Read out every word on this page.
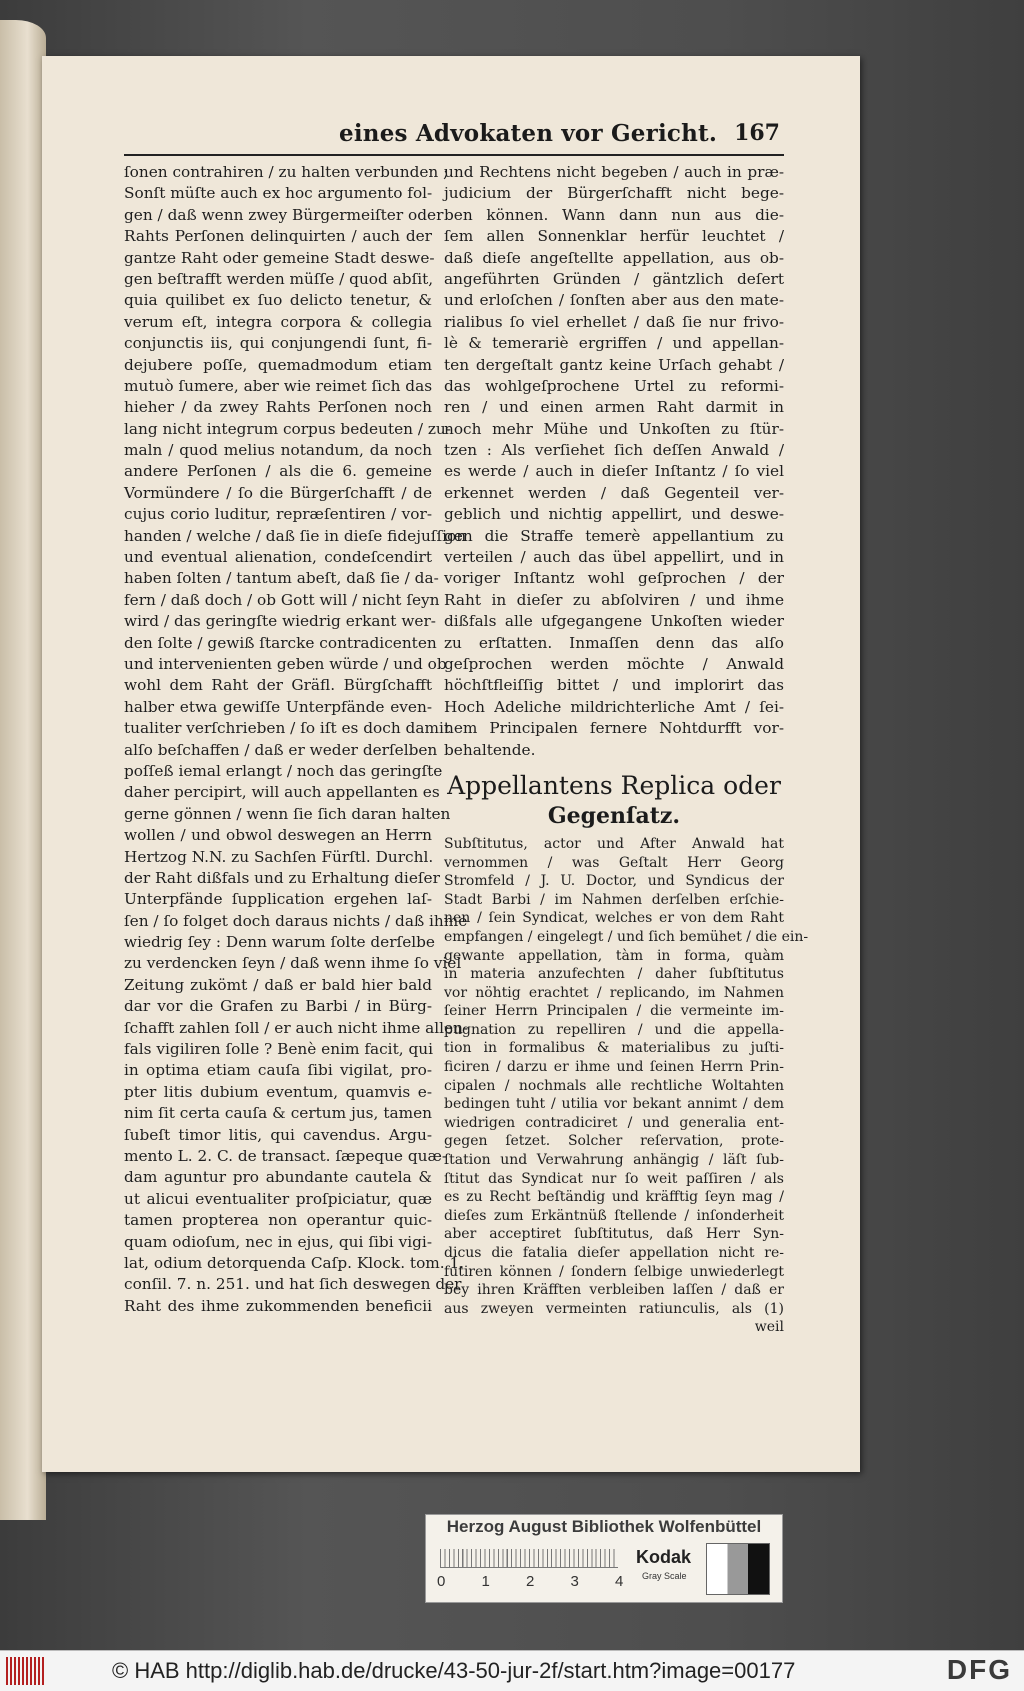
eines Advokaten vor Gericht. 167
ſonen contrahiren / zu halten verbunden ;
Sonſt müſte auch ex hoc argumento fol-
gen / daß wenn zwey Bürgermeiſter oder
Rahts Perſonen delinquirten / auch der
gantze Raht oder gemeine Stadt deswe-
gen beſtrafft werden müſſe / quod abſit,
quia quilibet ex ſuo delicto tenetur, &
verum eſt, integra corpora & collegia
conjunctis iis, qui conjungendi ſunt, fi-
dejubere poſſe, quemadmodum etiam
mutuò ſumere, aber wie reimet ſich das
hieher / da zwey Rahts Perſonen noch
lang nicht integrum corpus bedeuten / zu-
maln / quod melius notandum, da noch
andere Perſonen / als die 6. gemeine
Vormündere / ſo die Bürgerſchafft / de
cujus corio luditur, repræſentiren / vor-
handen / welche / daß ſie in dieſe fidejuſſion
und eventual alienation, condeſcendirt
haben ſolten / tantum abeſt, daß ſie / da-
fern / daß doch / ob Gott will / nicht ſeyn
wird / das geringſte wiedrig erkant wer-
den ſolte / gewiß ſtarcke contradicenten
und intervenienten geben würde / und ob
wohl dem Raht der Gräfl. Bürgſchafft
halber etwa gewiſſe Unterpfände even-
tualiter verſchrieben / ſo iſt es doch damit
alſo beſchaffen / daß er weder derſelben
poſſeß iemal erlangt / noch das geringſte
daher percipirt, will auch appellanten es
gerne gönnen / wenn ſie ſich daran halten
wollen / und obwol deswegen an Herrn
Hertzog N.N. zu Sachſen Fürſtl. Durchl.
der Raht dißfals und zu Erhaltung dieſer
Unterpfände ſupplication ergehen laſ-
ſen / ſo folget doch daraus nichts / daß ihme
wiedrig ſey : Denn warum ſolte derſelbe
zu verdencken ſeyn / daß wenn ihme ſo viel
Zeitung zukömt / daß er bald hier bald
dar vor die Grafen zu Barbi / in Bürg-
ſchafft zahlen ſoll / er auch nicht ihme allen-
fals vigiliren ſolle ? Benè enim facit, qui
in optima etiam cauſa ſibi vigilat, pro-
pter litis dubium eventum, quamvis e-
nim ſit certa cauſa & certum jus, tamen
ſubeſt timor litis, qui cavendus. Argu-
mento L. 2. C. de transact. ſæpeque quæ-
dam aguntur pro abundante cautela &
ut alicui eventualiter proſpiciatur, quæ
tamen propterea non operantur quic-
quam odioſum, nec in ejus, qui ſibi vigi-
lat, odium detorquenda Caſp. Klock. tom. 1.
conſil. 7. n. 251. und hat ſich deswegen der
Raht des ihme zukommenden beneficii
und Rechtens nicht begeben / auch in præ-
judicium der Bürgerſchafft nicht bege-
ben können. Wann dann nun aus die-
ſem allen Sonnenklar herfür leuchtet /
daß dieſe angeſtellte appellation, aus ob-
angeführten Gründen / gäntzlich deſert
und erloſchen / ſonſten aber aus den mate-
rialibus ſo viel erhellet / daß ſie nur frivo-
lè & temerariè ergriffen / und appellan-
ten dergeſtalt gantz keine Urſach gehabt /
das wohlgeſprochene Urtel zu reformi-
ren / und einen armen Raht darmit in
noch mehr Mühe und Unkoſten zu ſtür-
tzen : Als verſiehet ſich deſſen Anwald /
es werde / auch in dieſer Inſtantz / ſo viel
erkennet werden / daß Gegenteil ver-
geblich und nichtig appellirt, und deswe-
gen die Straffe temerè appellantium zu
verteilen / auch das übel appellirt, und in
voriger Inſtantz wohl geſprochen / der
Raht in dieſer zu abſolviren / und ihme
dißfals alle ufgegangene Unkoſten wieder
zu erſtatten. Inmaſſen denn das alſo
geſprochen werden möchte / Anwald
höchſtfleiſſig bittet / und implorirt das
Hoch Adeliche mildrichterliche Amt / ſei-
nem Principalen fernere Nohtdurfft vor-
behaltende.
Appellantens Replica oder
Gegenſatz.
Subſtitutus, actor und After Anwald hat
vernommen / was Geſtalt Herr Georg
Stromfeld / J. U. Doctor, und Syndicus der
Stadt Barbi / im Nahmen derſelben erſchie-
nen / ſein Syndicat, welches er von dem Raht
empfangen / eingelegt / und ſich bemühet / die ein-
gewante appellation, tàm in forma, quàm
in materia anzufechten / daher ſubſtitutus
vor nöhtig erachtet / replicando, im Nahmen
ſeiner Herrn Principalen / die vermeinte im-
pugnation zu repelliren / und die appella-
tion in formalibus & materialibus zu juſti-
ficiren / darzu er ihme und ſeinen Herrn Prin-
cipalen / nochmals alle rechtliche Woltahten
bedingen tuht / utilia vor bekant annimt / dem
wiedrigen contradiciret / und generalia ent-
gegen ſetzet. Solcher reſervation, prote-
ſtation und Verwahrung anhängig / läſt ſub-
ſtitut das Syndicat nur ſo weit paſſiren / als
es zu Recht beſtändig und kräfftig ſeyn mag /
dieſes zum Erkäntnüß ſtellende / inſonderheit
aber acceptiret ſubſtitutus, daß Herr Syn-
dicus die fatalia dieſer appellation nicht re-
futiren können / ſondern ſelbige unwiederlegt
bey ihren Kräfften verbleiben laſſen / daß er
aus zweyen vermeinten ratiunculis, als (1)
weil
Herzog August Bibliothek Wolfenbüttel
0 1 2 3 4
Kodak
Gray Scale
© HAB http://diglib.hab.de/drucke/43-50-jur-2f/start.htm?image=00177	DFG
